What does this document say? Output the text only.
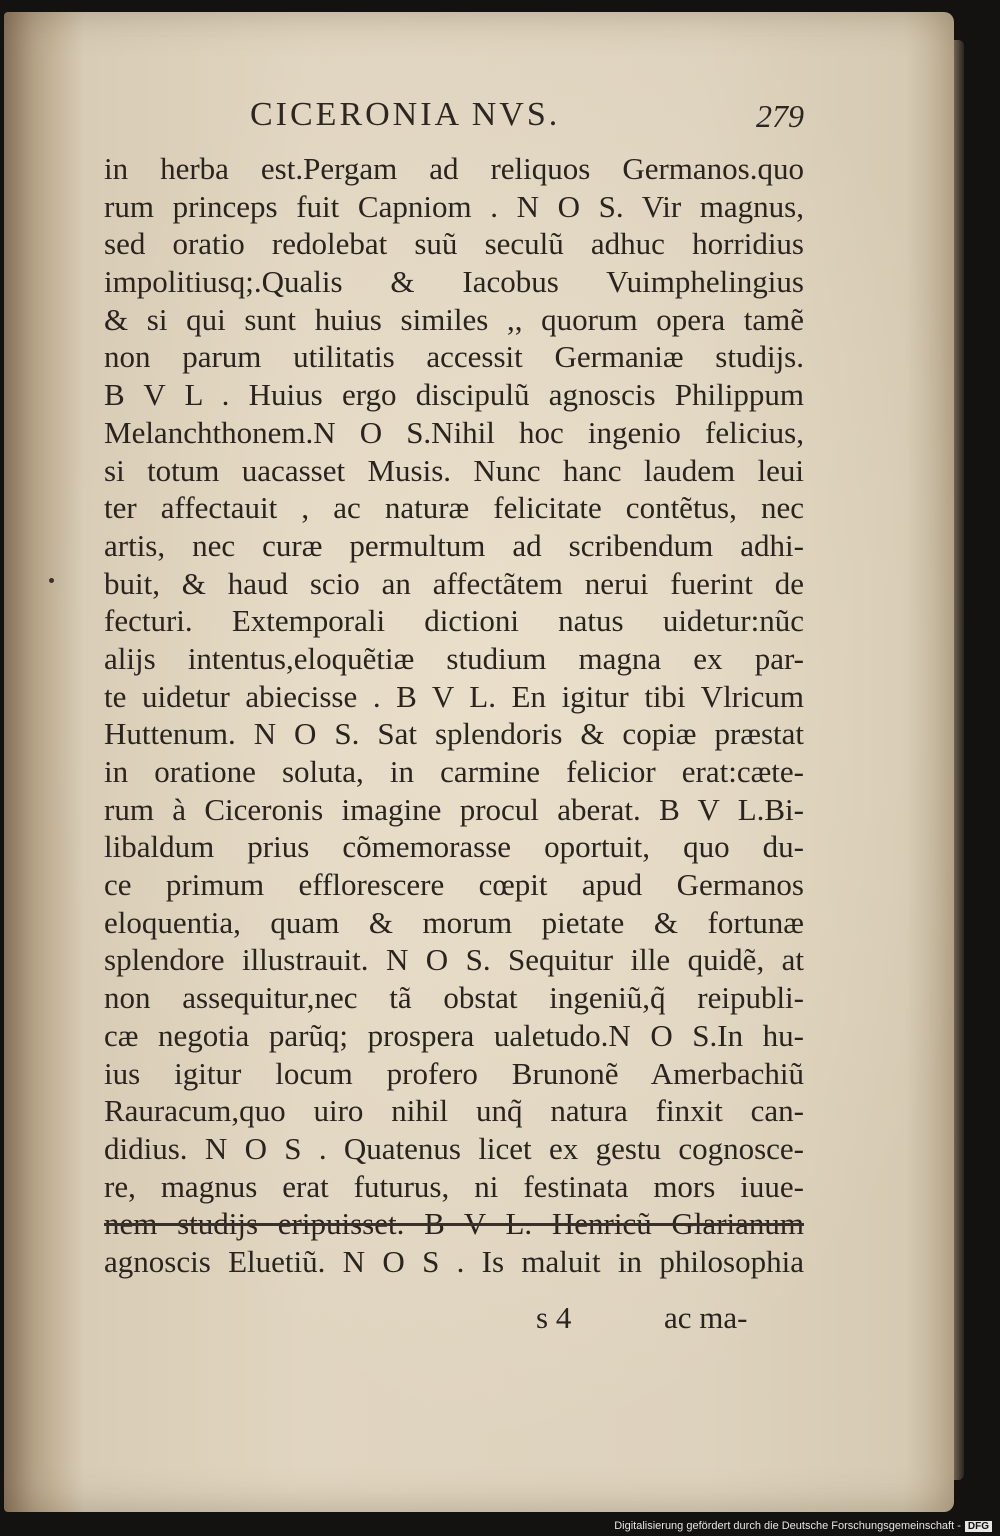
CICERONIA NVS.	279
in herba est.Pergam ad reliquos Germanos.quo
rum princeps fuit Capniom . N O S. Vir magnus,
sed oratio redolebat suũ seculũ adhuc horridius
impolitiusq;.Qualis & Iacobus Vuimphelingius
& si qui sunt huius similes ,, quorum opera tamẽ
non parum utilitatis accessit Germaniæ studijs.
B V L . Huius ergo discipulũ agnoscis Philippum
Melanchthonem.N O S.Nihil hoc ingenio felicius,
si totum uacasset Musis. Nunc hanc laudem leui
ter affectauit , ac naturæ felicitate contẽtus, nec
artis, nec curæ permultum ad scribendum adhi-
buit, & haud scio an affectãtem nerui fuerint de
fecturi. Extemporali dictioni natus uidetur:nũc
alijs intentus,eloquẽtiæ studium magna ex par-
te uidetur abiecisse . B V L. En igitur tibi Vlricum
Huttenum. N O S. Sat splendoris & copiæ præstat
in oratione soluta, in carmine felicior erat:cæte-
rum à Ciceronis imagine procul aberat. B V L.Bi-
libaldum prius cõmemorasse oportuit, quo du-
ce primum efflorescere cœpit apud Germanos
eloquentia, quam & morum pietate & fortunæ
splendore illustrauit. N O S. Sequitur ille quidẽ, at
non assequitur,nec tã obstat ingeniũ,q̃ reipubli-
cæ negotia parũq; prospera ualetudo.N O S.In hu-
ius igitur locum profero Brunonẽ Amerbachiũ
Rauracum,quo uiro nihil unq̃ natura finxit can-
didius. N O S . Quatenus licet ex gestu cognosce-
re, magnus erat futurus, ni festinata mors iuue-
nem studijs eripuisset. B V L. Henricũ Glarianum
agnoscis Eluetiũ. N O S . Is maluit in philosophia
s 4	ac ma-
Digitalisierung gefördert durch die Deutsche Forschungsgemeinschaft - DFG
